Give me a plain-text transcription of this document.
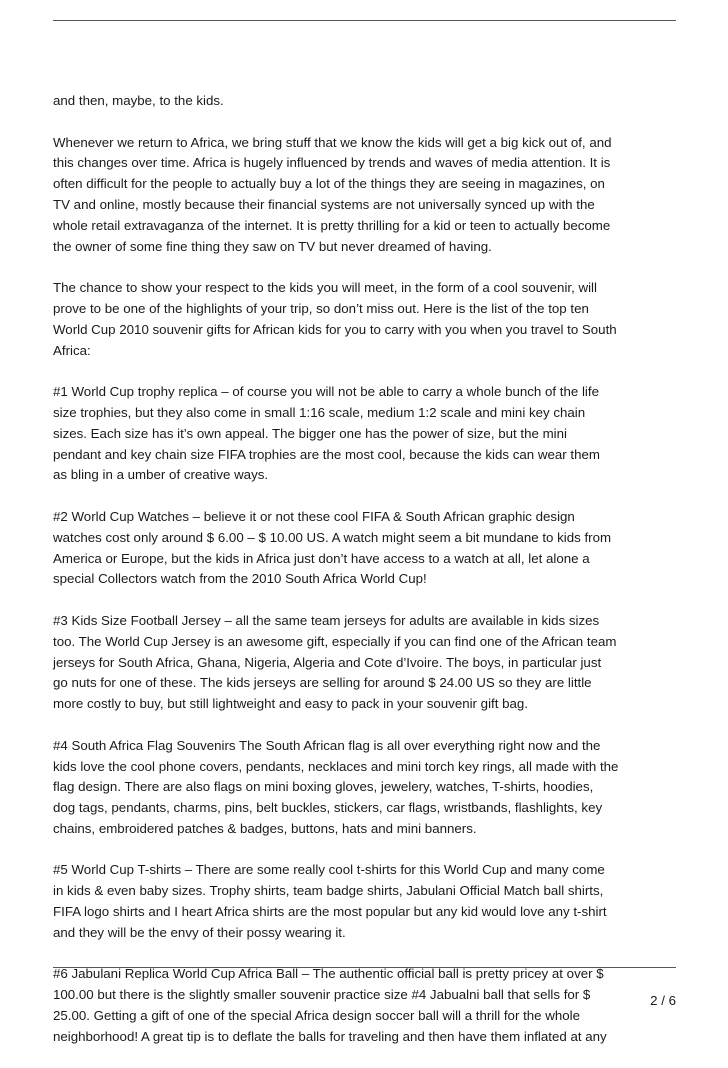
and then, maybe, to the kids.

Whenever we return to Africa, we bring stuff that we know the kids will get a big kick out of, and
this changes over time. Africa is hugely influenced by trends and waves of media attention. It is
often difficult for the people to actually buy a lot of the things they are seeing in magazines, on
TV and online, mostly because their financial systems are not universally synced up with the
whole retail extravaganza of the internet. It is pretty thrilling for a kid or teen to actually become
the owner of some fine thing they saw on TV but never dreamed of having.

The chance to show your respect to the kids you will meet, in the form of a cool souvenir, will
prove to be one of the highlights of your trip, so don’t miss out. Here is the list of the top ten
World Cup 2010 souvenir gifts for African kids for you to carry with you when you travel to South
Africa:

#1 World Cup trophy replica – of course you will not be able to carry a whole bunch of the life
size trophies, but they also come in small 1:16 scale, medium 1:2 scale and mini key chain
sizes. Each size has it’s own appeal. The bigger one has the power of size, but the mini
pendant and key chain size FIFA trophies are the most cool, because the kids can wear them
as bling in a umber of creative ways.

#2 World Cup Watches – believe it or not these cool FIFA & South African graphic design
watches cost only around $ 6.00 – $ 10.00 US. A watch might seem a bit mundane to kids from
America or Europe, but the kids in Africa just don’t have access to a watch at all, let alone a
special Collectors watch from the 2010 South Africa World Cup!

#3 Kids Size Football Jersey – all the same team jerseys for adults are available in kids sizes
too. The World Cup Jersey is an awesome gift, especially if you can find one of the African team
jerseys for South Africa, Ghana, Nigeria, Algeria and Cote d’Ivoire. The boys, in particular just
go nuts for one of these. The kids jerseys are selling for around $ 24.00 US so they are little
more costly to buy, but still lightweight and easy to pack in your souvenir gift bag.

#4 South Africa Flag Souvenirs The South African flag is all over everything right now and the
kids love the cool phone covers, pendants, necklaces and mini torch key rings, all made with the
flag design. There are also flags on mini boxing gloves, jewelery, watches, T-shirts, hoodies,
dog tags, pendants, charms, pins, belt buckles, stickers, car flags, wristbands, flashlights, key
chains, embroidered patches & badges, buttons, hats and mini banners.

#5 World Cup T-shirts – There are some really cool t-shirts for this World Cup and many come
in kids & even baby sizes. Trophy shirts, team badge shirts, Jabulani Official Match ball shirts,
FIFA logo shirts and I heart Africa shirts are the most popular but any kid would love any t-shirt
and they will be the envy of their possy wearing it.

#6 Jabulani Replica World Cup Africa Ball – The authentic official ball is pretty pricey at over $
100.00 but there is the slightly smaller souvenir practice size #4 Jabualni ball that sells for $
25.00. Getting a gift of one of the special Africa design soccer ball will a thrill for the whole
neighborhood! A great tip is to deflate the balls for traveling and then have them inflated at any

2 / 6
